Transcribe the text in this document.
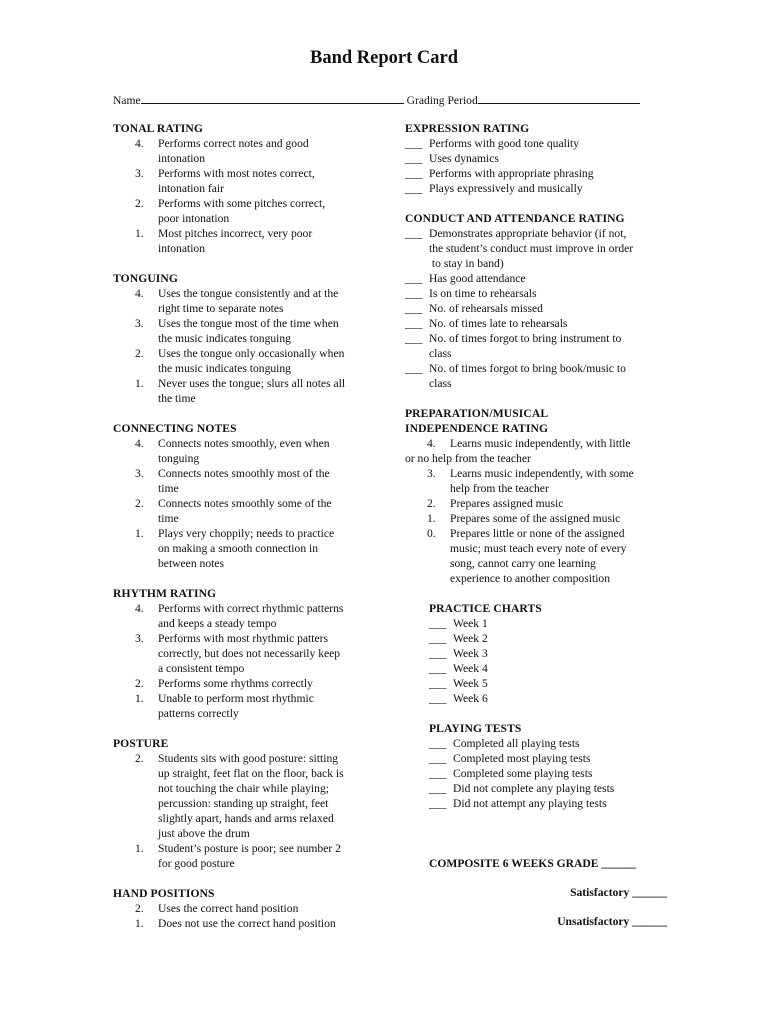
Band Report Card
Name	Grading Period
TONAL RATING
4. Performs correct notes and good
intonation
3. Performs with most notes correct,
intonation fair
2. Performs with some pitches correct,
poor intonation
1. Most pitches incorrect, very poor
intonation
TONGUING
4. Uses the tongue consistently and at the
right time to separate notes
3. Uses the tongue most of the time when
the music indicates tonguing
2. Uses the tongue only occasionally when
the music indicates tonguing
1. Never uses the tongue; slurs all notes all
the time
CONNECTING NOTES
4. Connects notes smoothly, even when
tonguing
3. Connects notes smoothly most of the
time
2. Connects notes smoothly some of the
time
1. Plays very choppily; needs to practice
on making a smooth connection in
between notes
RHYTHM RATING
4. Performs with correct rhythmic patterns
and keeps a steady tempo
3. Performs with most rhythmic patters
correctly, but does not necessarily keep
a consistent tempo
2. Performs some rhythms correctly
1. Unable to perform most rhythmic
patterns correctly
POSTURE
2. Students sits with good posture: sitting
up straight, feet flat on the floor, back is
not touching the chair while playing;
percussion: standing up straight, feet
slightly apart, hands and arms relaxed
just above the drum
1. Student’s posture is poor; see number 2
for good posture
HAND POSITIONS
2. Uses the correct hand position
1. Does not use the correct hand position
EXPRESSION RATING
___ Performs with good tone quality
___ Uses dynamics
___ Performs with appropriate phrasing
___ Plays expressively and musically
CONDUCT AND ATTENDANCE RATING
___ Demonstrates appropriate behavior (if not,
the student’s conduct must improve in order
to stay in band)
___ Has good attendance
___ Is on time to rehearsals
___ No. of rehearsals missed
___ No. of times late to rehearsals
___ No. of times forgot to bring instrument to
class
___ No. of times forgot to bring book/music to
class
PREPARATION/MUSICAL
INDEPENDENCE RATING
4. Learns music independently, with little
or no help from the teacher
3. Learns music independently, with some
help from the teacher
2. Prepares assigned music
1. Prepares some of the assigned music
0. Prepares little or none of the assigned
music; must teach every note of every
song, cannot carry one learning
experience to another composition
PRACTICE CHARTS
___ Week 1
___ Week 2
___ Week 3
___ Week 4
___ Week 5
___ Week 6
PLAYING TESTS
___ Completed all playing tests
___ Completed most playing tests
___ Completed some playing tests
___ Did not complete any playing tests
___ Did not attempt any playing tests
COMPOSITE 6 WEEKS GRADE ______
Satisfactory ______
Unsatisfactory ______
